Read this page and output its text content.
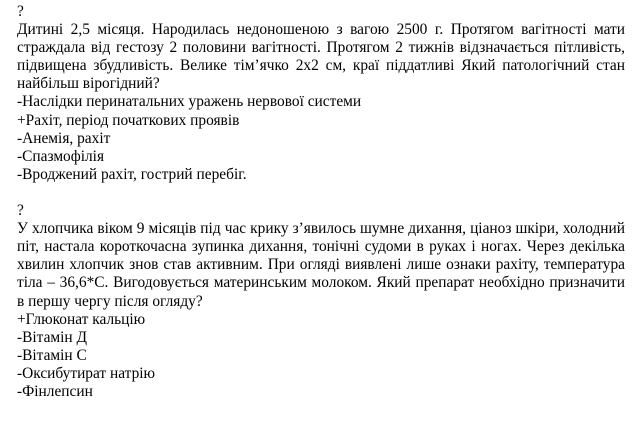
?
Дитині 2,5 місяця. Народилась недоношеною з вагою 2500 г. Протягом вагітності мати страждала від гестозу 2 половини вагітності. Протягом 2 тижнів відзначається пітливість, підвищена збудливість. Велике тім’ячко 2х2 см, краї піддатливі Який патологічний стан найбільш вірогідний?
-Наслідки перинатальних уражень нервової системи
+Рахіт, період початкових проявів
-Анемія, рахіт
-Спазмофілія
-Вроджений рахіт, гострий перебіг.
?
У хлопчика віком 9 місяців під час крику з’явилось шумне дихання, ціаноз шкіри, холодний піт, настала короткочасна зупинка дихання, тонічні судоми в руках і ногах. Через декілька хвилин хлопчик знов став активним. При огляді виявлені лише ознаки рахіту, температура тіла – 36,6*С. Вигодовується материнським молоком. Який препарат необхідно призначити в першу чергу після огляду?
+Глюконат кальцію
-Вітамін Д
-Вітамін С
-Оксибутират натрію
-Фінлепсин
